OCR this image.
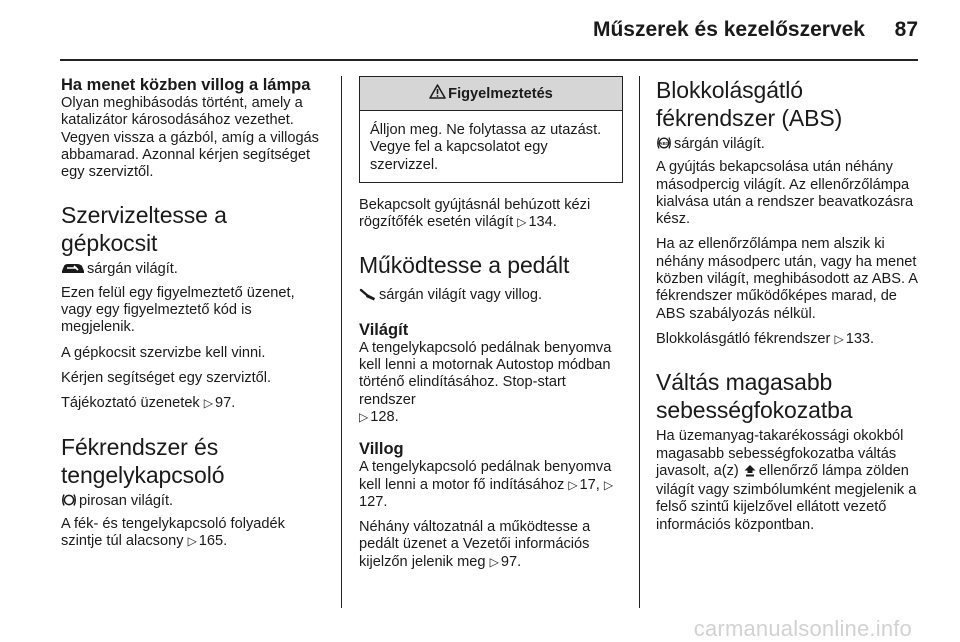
Műszerek és kezelőszervek 87

Ha menet közben villog a lámpa

Olyan meghibásodás történt, amely a katalizátor károsodásához vezethet. Vegyen vissza a gázból, amíg a villogás abbamarad. Azonnal kérjen segítséget egy szerviztől.

Szervizeltesse a gépkocsit

sárgán világít.

Ezen felül egy figyelmeztető üzenet, vagy egy figyelmeztető kód is megjelenik.

A gépkocsit szervizbe kell vinni.

Kérjen segítséget egy szerviztől.

Tájékoztató üzenetek ▷ 97.

Fékrendszer és tengelykapcsoló

pirosan világít.

A fék- és tengelykapcsoló folyadék szintje túl alacsony ▷ 165.

Figyelmeztetés
Álljon meg. Ne folytassa az utazást. Vegye fel a kapcsolatot egy szervizzel.

Bekapcsolt gyújtásnál behúzott kézi rögzítőfék esetén világít ▷ 134.

Működtesse a pedált

sárgán világít vagy villog.

Világít

A tengelykapcsoló pedálnak benyomva kell lenni a motornak Autostop módban történő elindításához. Stop-start rendszer
▷ 128.

Villog

A tengelykapcsoló pedálnak benyomva kell lenni a motor fő indításához ▷ 17, ▷127.

Néhány változatnál a működtesse a pedált üzenet a Vezetői információs kijelzőn jelenik meg ▷ 97.

Blokkolásgátló fékrendszer (ABS)

ABS sárgán világít.

A gyújtás bekapcsolása után néhány másodpercig világít. Az ellenőrzőlámpa kialvása után a rendszer beavatkozásra kész.

Ha az ellenőrzőlámpa nem alszik ki néhány másodperc után, vagy ha menet közben világít, meghibásodott az ABS. A fékrendszer működőképes marad, de ABS szabályozás nélkül.

Blokkolásgátló fékrendszer ▷ 133.

Váltás magasabb sebességfokozatba

Ha üzemanyag-takarékossági okokból magasabb sebességfokozatba váltás javasolt, a(z) ellenőrző lámpa zölden világít vagy szimbólumként megjelenik a felső szintű kijelzővel ellátott vezető információs központban.

carmanualsonline.info
